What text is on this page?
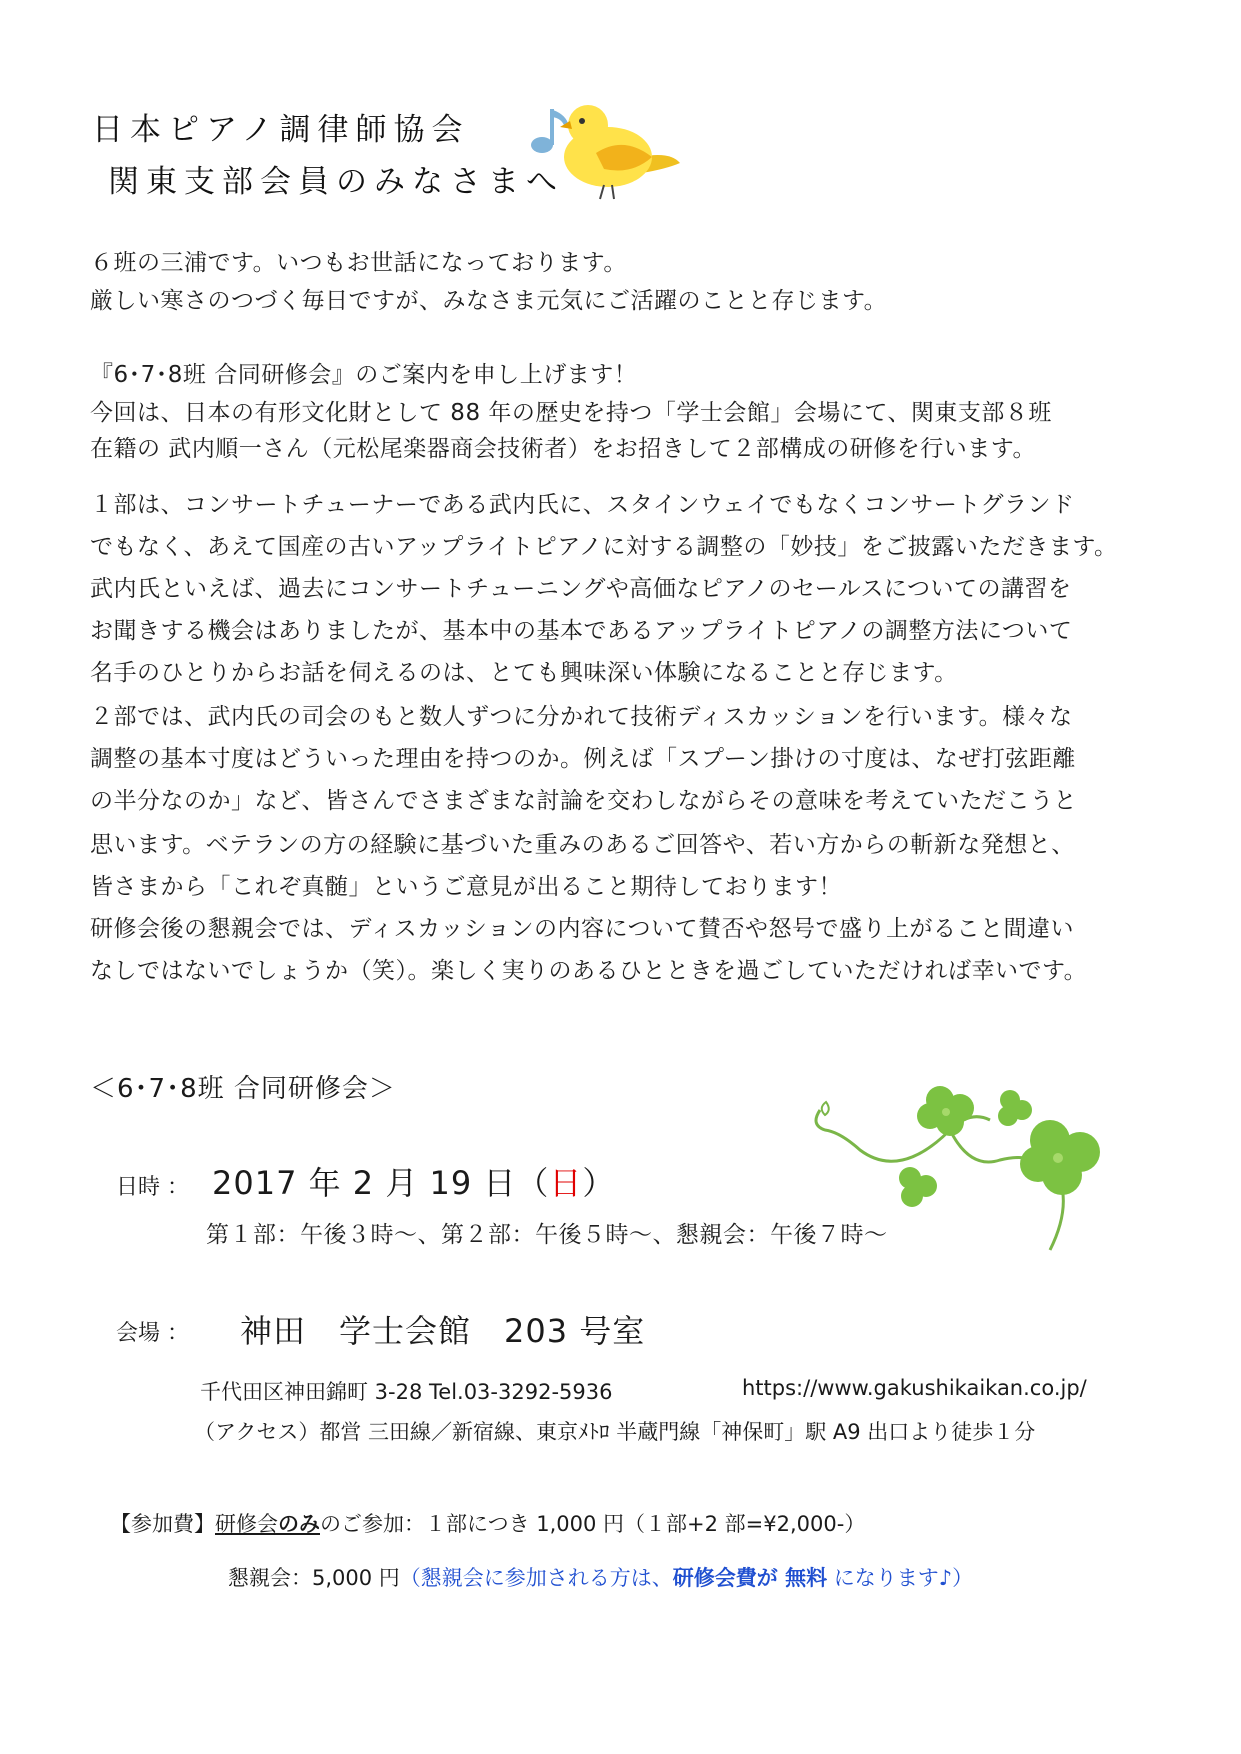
日本ピアノ調律師協会
関東支部会員のみなさまへ
６班の三浦です。いつもお世話になっております。
厳しい寒さのつづく毎日ですが、みなさま元気にご活躍のことと存じます。
『6･7･8班 合同研修会』のご案内を申し上げます！
今回は、日本の有形文化財として 88 年の歴史を持つ「学士会館」会場にて、関東支部８班
在籍の 武内順一さん（元松尾楽器商会技術者）をお招きして２部構成の研修を行います。
１部は、コンサートチューナーである武内氏に、スタインウェイでもなくコンサートグランド
でもなく、あえて国産の古いアップライトピアノに対する調整の「妙技」をご披露いただきます。
武内氏といえば、過去にコンサートチューニングや高価なピアノのセールスについての講習を
お聞きする機会はありましたが、基本中の基本であるアップライトピアノの調整方法について
名手のひとりからお話を伺えるのは、とても興味深い体験になることと存じます。
２部では、武内氏の司会のもと数人ずつに分かれて技術ディスカッションを行います。様々な
調整の基本寸度はどういった理由を持つのか。例えば「スプーン掛けの寸度は、なぜ打弦距離
の半分なのか」など、皆さんでさまざまな討論を交わしながらその意味を考えていただこうと
思います。ベテランの方の経験に基づいた重みのあるご回答や、若い方からの斬新な発想と、
皆さまから「これぞ真髄」というご意見が出ること期待しております！
研修会後の懇親会では、ディスカッションの内容について賛否や怒号で盛り上がること間違い
なしではないでしょうか（笑）。楽しく実りのあるひとときを過ごしていただければ幸いです。
＜6･7･8班 合同研修会＞
日時 ： 2017 年 2 月 19 日（日）
第１部：午後３時～、第２部：午後５時～、懇親会：午後７時～
会場 ： 神田　学士会館　203 号室
千代田区神田錦町 3-28 Tel.03-3292-5936	https://www.gakushikaikan.co.jp/
（アクセス）都営 三田線／新宿線、東京ﾒﾄﾛ 半蔵門線「神保町」駅 A9 出口より徒歩１分
【参加費】研修会のみのご参加：１部につき 1,000 円（１部+2 部=¥2,000-）
懇親会：5,000 円（懇親会に参加される方は、研修会費が 無料 になります♪）
